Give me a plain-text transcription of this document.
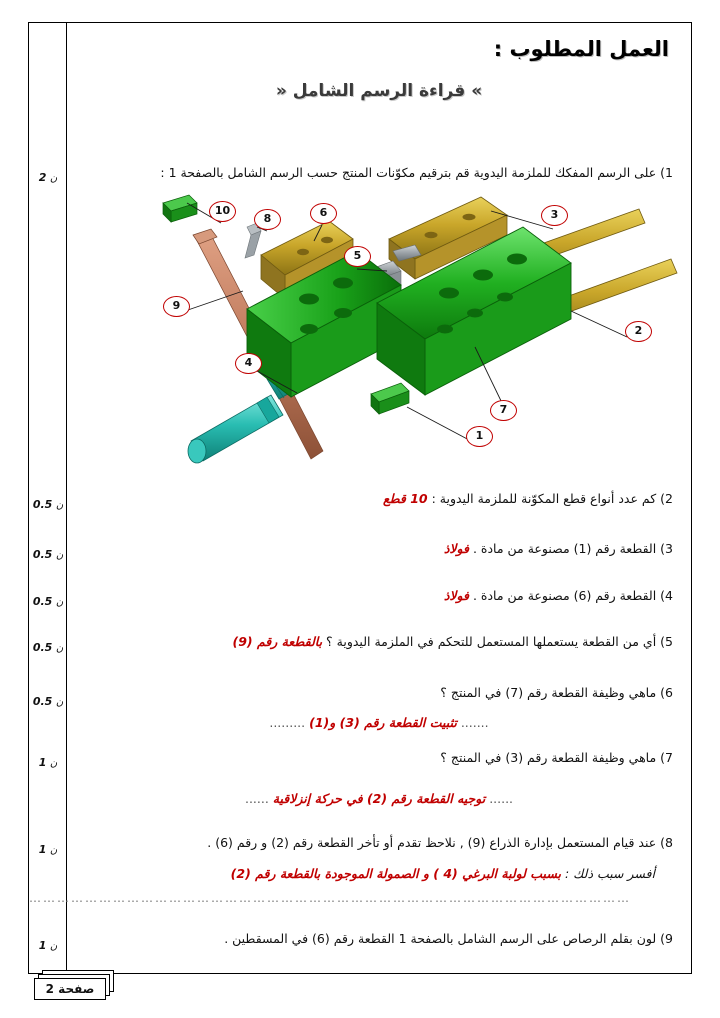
2 ن
0.5 ن
0.5 ن
0.5 ن
0.5 ن
0.5 ن
1 ن
1 ن
1 ن
العمل المطلوب :
» قراءة الرسم الشامل «
1) على الرسم المفكك للملزمة اليدوية قم بترقيم مكوّنات المنتج حسب الرسم الشامل بالصفحة 1 :
10
8	6	3
5
9
2
4
7
1
2) كم عدد أنواع قطع المكوّنة للملزمة اليدوية : 10 قطع
3) القطعة رقم (1) مصنوعة من مادة . فولاذ
4) القطعة رقم (6) مصنوعة من مادة . فولاذ
5) أي من القطعة يستعملها المستعمل للتحكم في الملزمة اليدوية ؟ بالقطعة رقم (9)
6) ماهي وظيفة القطعة رقم (7) في المنتج ؟
....... تثبيت القطعة رقم (3) و(1) .........
7) ماهي وظيفة القطعة رقم (3) في المنتج ؟
...... توجيه القطعة رقم (2) في حركة إنزلاقية ......
8) عند قيام المستعمل بإدارة الذراع (9) , نلاحظ تقدم أو تأخر القطعة رقم (2) و رقم (6) .
أفسر سبب ذلك : بسبب لولبة البرغي (4 ) و الصمولة الموجودة بالقطعة رقم (2)
…………………………………………………………………………………………………………………
9) لون بقلم الرصاص على الرسم الشامل بالصفحة 1 القطعة رقم (6) في المسقطين .
صفحة 2
